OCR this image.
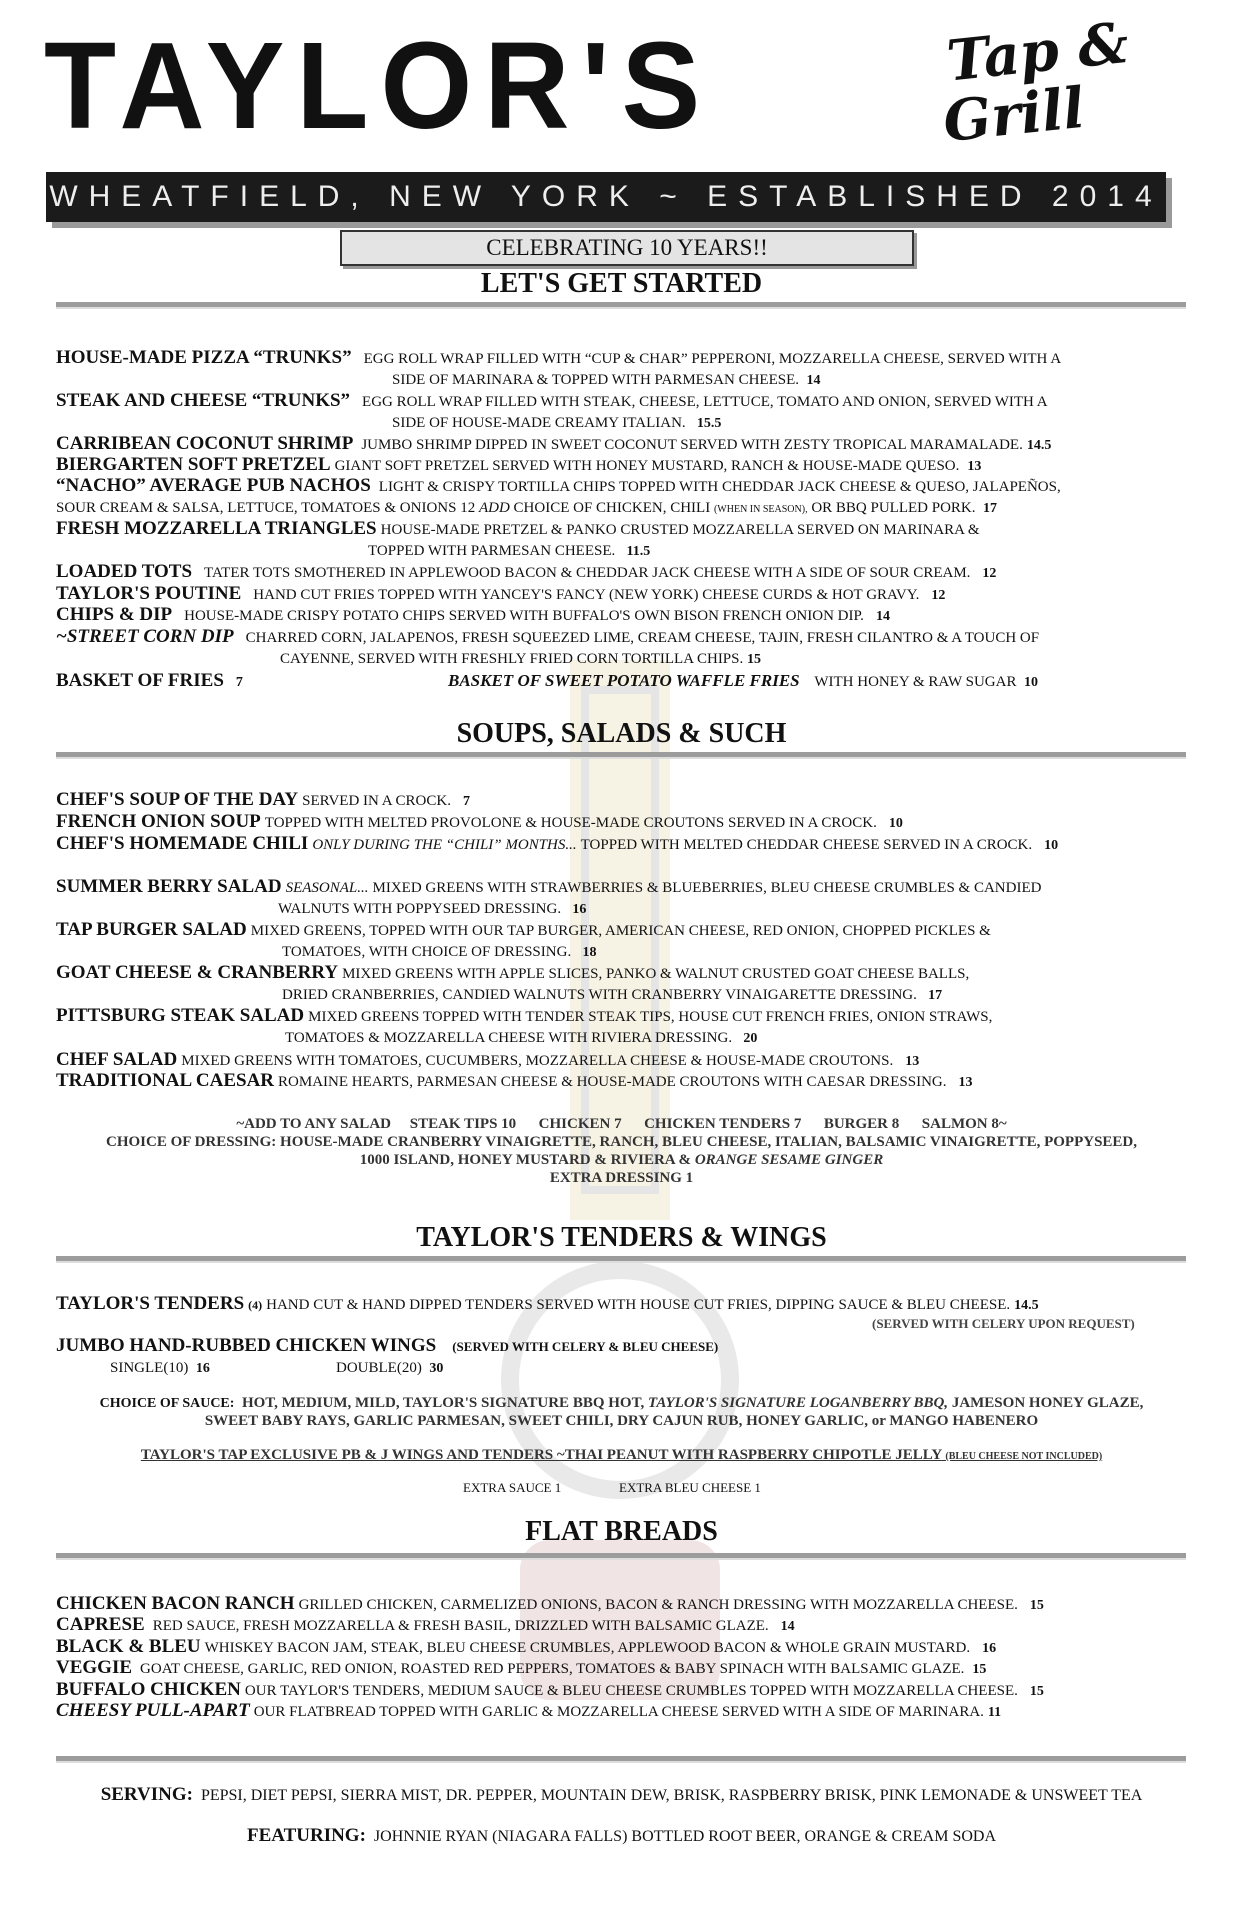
TAYLOR'S	Tap &
Grill
WHEATFIELD, NEW YORK ~ ESTABLISHED 2014
CELEBRATING 10 YEARS!!
LET'S GET STARTED
HOUSE-MADE PIZZA “TRUNKS” EGG ROLL WRAP FILLED WITH “CUP & CHAR” PEPPERONI, MOZZARELLA CHEESE, SERVED WITH A
SIDE OF MARINARA & TOPPED WITH PARMESAN CHEESE. 14
STEAK AND CHEESE “TRUNKS” EGG ROLL WRAP FILLED WITH STEAK, CHEESE, LETTUCE, TOMATO AND ONION, SERVED WITH A
SIDE OF HOUSE-MADE CREAMY ITALIAN. 15.5
CARRIBEAN COCONUT SHRIMP JUMBO SHRIMP DIPPED IN SWEET COCONUT SERVED WITH ZESTY TROPICAL MARAMALADE. 14.5
BIERGARTEN SOFT PRETZEL GIANT SOFT PRETZEL SERVED WITH HONEY MUSTARD, RANCH & HOUSE-MADE QUESO. 13
“NACHO” AVERAGE PUB NACHOS LIGHT & CRISPY TORTILLA CHIPS TOPPED WITH CHEDDAR JACK CHEESE & QUESO, JALAPEÑOS,
SOUR CREAM & SALSA, LETTUCE, TOMATOES & ONIONS 12 ADD CHOICE OF CHICKEN, CHILI (WHEN IN SEASON), OR BBQ PULLED PORK. 17
FRESH MOZZARELLA TRIANGLES HOUSE-MADE PRETZEL & PANKO CRUSTED MOZZARELLA SERVED ON MARINARA &
TOPPED WITH PARMESAN CHEESE. 11.5
LOADED TOTS TATER TOTS SMOTHERED IN APPLEWOOD BACON & CHEDDAR JACK CHEESE WITH A SIDE OF SOUR CREAM. 12
TAYLOR'S POUTINE HAND CUT FRIES TOPPED WITH YANCEY'S FANCY (NEW YORK) CHEESE CURDS & HOT GRAVY. 12
CHIPS & DIP HOUSE-MADE CRISPY POTATO CHIPS SERVED WITH BUFFALO'S OWN BISON FRENCH ONION DIP. 14
~STREET CORN DIP CHARRED CORN, JALAPENOS, FRESH SQUEEZED LIME, CREAM CHEESE, TAJIN, FRESH CILANTRO & A TOUCH OF
CAYENNE, SERVED WITH FRESHLY FRIED CORN TORTILLA CHIPS. 15
BASKET OF FRIES 7	BASKET OF SWEET POTATO WAFFLE FRIES WITH HONEY & RAW SUGAR 10
SOUPS, SALADS & SUCH
CHEF'S SOUP OF THE DAY SERVED IN A CROCK. 7
FRENCH ONION SOUP TOPPED WITH MELTED PROVOLONE & HOUSE-MADE CROUTONS SERVED IN A CROCK. 10
CHEF'S HOMEMADE CHILI ONLY DURING THE “CHILI” MONTHS... TOPPED WITH MELTED CHEDDAR CHEESE SERVED IN A CROCK. 10
SUMMER BERRY SALAD SEASONAL... MIXED GREENS WITH STRAWBERRIES & BLUEBERRIES, BLEU CHEESE CRUMBLES & CANDIED
WALNUTS WITH POPPYSEED DRESSING. 16
TAP BURGER SALAD MIXED GREENS, TOPPED WITH OUR TAP BURGER, AMERICAN CHEESE, RED ONION, CHOPPED PICKLES &
TOMATOES, WITH CHOICE OF DRESSING. 18
GOAT CHEESE & CRANBERRY MIXED GREENS WITH APPLE SLICES, PANKO & WALNUT CRUSTED GOAT CHEESE BALLS,
DRIED CRANBERRIES, CANDIED WALNUTS WITH CRANBERRY VINAIGARETTE DRESSING. 17
PITTSBURG STEAK SALAD MIXED GREENS TOPPED WITH TENDER STEAK TIPS, HOUSE CUT FRENCH FRIES, ONION STRAWS,
TOMATOES & MOZZARELLA CHEESE WITH RIVIERA DRESSING. 20
CHEF SALAD MIXED GREENS WITH TOMATOES, CUCUMBERS, MOZZARELLA CHEESE & HOUSE-MADE CROUTONS. 13
TRADITIONAL CAESAR ROMAINE HEARTS, PARMESAN CHEESE & HOUSE-MADE CROUTONS WITH CAESAR DRESSING. 13
~ADD TO ANY SALAD     STEAK TIPS 10      CHICKEN 7      CHICKEN TENDERS 7      BURGER 8      SALMON 8~
CHOICE OF DRESSING: HOUSE-MADE CRANBERRY VINAIGRETTE, RANCH, BLEU CHEESE, ITALIAN, BALSAMIC VINAIGRETTE, POPPYSEED,
1000 ISLAND, HONEY MUSTARD & RIVIERA & ORANGE SESAME GINGER
EXTRA DRESSING 1
TAYLOR'S TENDERS & WINGS
TAYLOR'S TENDERS (4) HAND CUT & HAND DIPPED TENDERS SERVED WITH HOUSE CUT FRIES, DIPPING SAUCE & BLEU CHEESE. 14.5
(SERVED WITH CELERY UPON REQUEST)
JUMBO HAND-RUBBED CHICKEN WINGS (SERVED WITH CELERY & BLEU CHEESE)
SINGLE(10) 16	DOUBLE(20) 30
CHOICE OF SAUCE: HOT, MEDIUM, MILD, TAYLOR'S SIGNATURE BBQ HOT, TAYLOR'S SIGNATURE LOGANBERRY BBQ, JAMESON HONEY GLAZE,
SWEET BABY RAYS, GARLIC PARMESAN, SWEET CHILI, DRY CAJUN RUB, HONEY GARLIC, or MANGO HABENERO
TAYLOR'S TAP EXCLUSIVE PB & J WINGS AND TENDERS ~THAI PEANUT WITH RASPBERRY CHIPOTLE JELLY (BLEU CHEESE NOT INCLUDED)
EXTRA SAUCE 1	EXTRA BLEU CHEESE 1
FLAT BREADS
CHICKEN BACON RANCH GRILLED CHICKEN, CARMELIZED ONIONS, BACON & RANCH DRESSING WITH MOZZARELLA CHEESE. 15
CAPRESE RED SAUCE, FRESH MOZZARELLA & FRESH BASIL, DRIZZLED WITH BALSAMIC GLAZE. 14
BLACK & BLEU WHISKEY BACON JAM, STEAK, BLEU CHEESE CRUMBLES, APPLEWOOD BACON & WHOLE GRAIN MUSTARD. 16
VEGGIE GOAT CHEESE, GARLIC, RED ONION, ROASTED RED PEPPERS, TOMATOES & BABY SPINACH WITH BALSAMIC GLAZE. 15
BUFFALO CHICKEN OUR TAYLOR'S TENDERS, MEDIUM SAUCE & BLEU CHEESE CRUMBLES TOPPED WITH MOZZARELLA CHEESE. 15
CHEESY PULL-APART OUR FLATBREAD TOPPED WITH GARLIC & MOZZARELLA CHEESE SERVED WITH A SIDE OF MARINARA. 11
SERVING: PEPSI, DIET PEPSI, SIERRA MIST, DR. PEPPER, MOUNTAIN DEW, BRISK, RASPBERRY BRISK, PINK LEMONADE & UNSWEET TEA
FEATURING: JOHNNIE RYAN (NIAGARA FALLS) BOTTLED ROOT BEER, ORANGE & CREAM SODA
